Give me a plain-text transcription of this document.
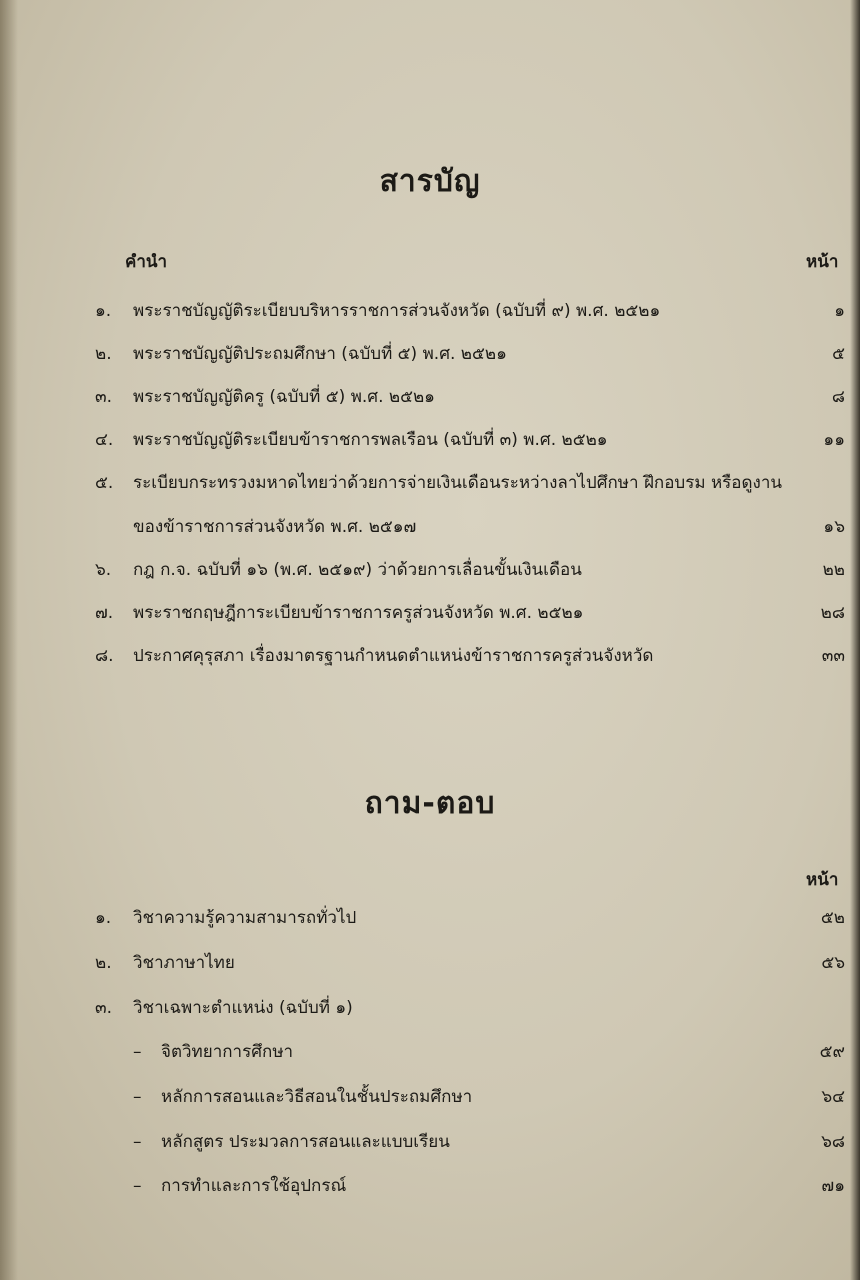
สารบัญ
คำนำ	หน้า
๑. พระราชบัญญัติระเบียบบริหารราชการส่วนจังหวัด (ฉบับที่ ๙) พ.ศ. ๒๕๒๑	๑
๒. พระราชบัญญัติประถมศึกษา (ฉบับที่ ๕) พ.ศ. ๒๕๒๑	๕
๓. พระราชบัญญัติครู (ฉบับที่ ๕) พ.ศ. ๒๕๒๑	๘
๔. พระราชบัญญัติระเบียบข้าราชการพลเรือน (ฉบับที่ ๓) พ.ศ. ๒๕๒๑	๑๑
๕. ระเบียบกระทรวงมหาดไทยว่าด้วยการจ่ายเงินเดือนระหว่างลาไปศึกษา ฝึกอบรม หรือดูงาน
ของข้าราชการส่วนจังหวัด พ.ศ. ๒๕๑๗	๑๖
๖. กฎ ก.จ. ฉบับที่ ๑๖ (พ.ศ. ๒๕๑๙) ว่าด้วยการเลื่อนขั้นเงินเดือน	๒๒
๗. พระราชกฤษฎีการะเบียบข้าราชการครูส่วนจังหวัด พ.ศ. ๒๕๒๑	๒๘
๘. ประกาศคุรุสภา เรื่องมาตรฐานกำหนดตำแหน่งข้าราชการครูส่วนจังหวัด	๓๓
ถาม-ตอบ
หน้า
๑. วิชาความรู้ความสามารถทั่วไป	๕๒
๒. วิชาภาษาไทย	๕๖
๓. วิชาเฉพาะตำแหน่ง (ฉบับที่ ๑)
– จิตวิทยาการศึกษา	๕๙
– หลักการสอนและวิธีสอนในชั้นประถมศึกษา	๖๔
– หลักสูตร ประมวลการสอนและแบบเรียน	๖๘
– การทำและการใช้อุปกรณ์	๗๑
